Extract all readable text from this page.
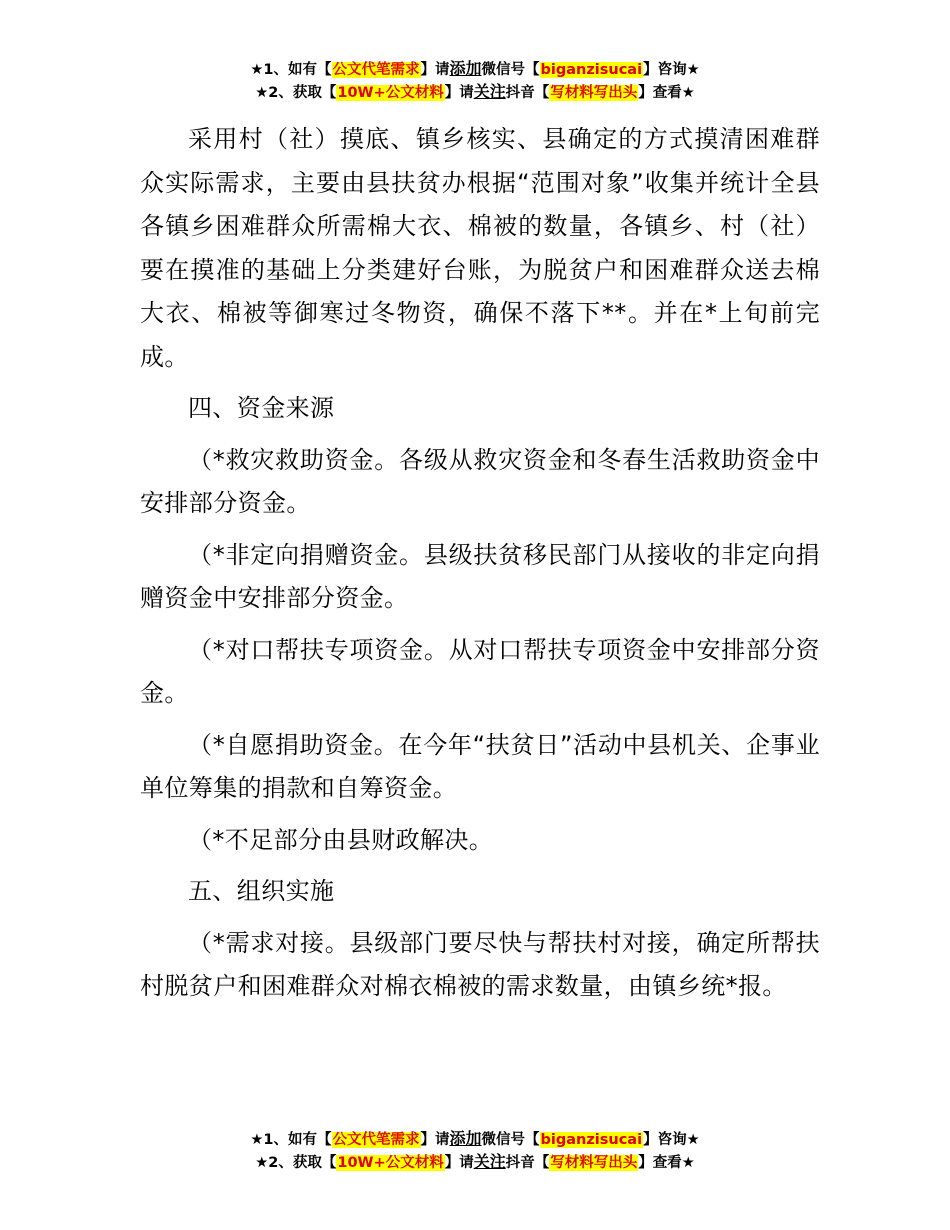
★1、如有【公文代笔需求】请添加微信号【biganzisucai】咨询★
★2、获取【10W+公文材料】请关注抖音【写材料写出头】查看★

采用村（社）摸底、镇乡核实、县确定的方式摸清困难群众实际需求，主要由县扶贫办根据“范围对象”收集并统计全县各镇乡困难群众所需棉大衣、棉被的数量，各镇乡、村（社）要在摸准的基础上分类建好台账，为脱贫户和困难群众送去棉大衣、棉被等御寒过冬物资，确保不落下**。并在*上旬前完成。

四、资金来源

（*救灾救助资金。各级从救灾资金和冬春生活救助资金中安排部分资金。

（*非定向捐赠资金。县级扶贫移民部门从接收的非定向捐赠资金中安排部分资金。

（*对口帮扶专项资金。从对口帮扶专项资金中安排部分资金。

（*自愿捐助资金。在今年“扶贫日”活动中县机关、企事业单位筹集的捐款和自筹资金。

（*不足部分由县财政解决。

五、组织实施

（*需求对接。县级部门要尽快与帮扶村对接，确定所帮扶村脱贫户和困难群众对棉衣棉被的需求数量，由镇乡统*报。

★1、如有【公文代笔需求】请添加微信号【biganzisucai】咨询★
★2、获取【10W+公文材料】请关注抖音【写材料写出头】查看★
